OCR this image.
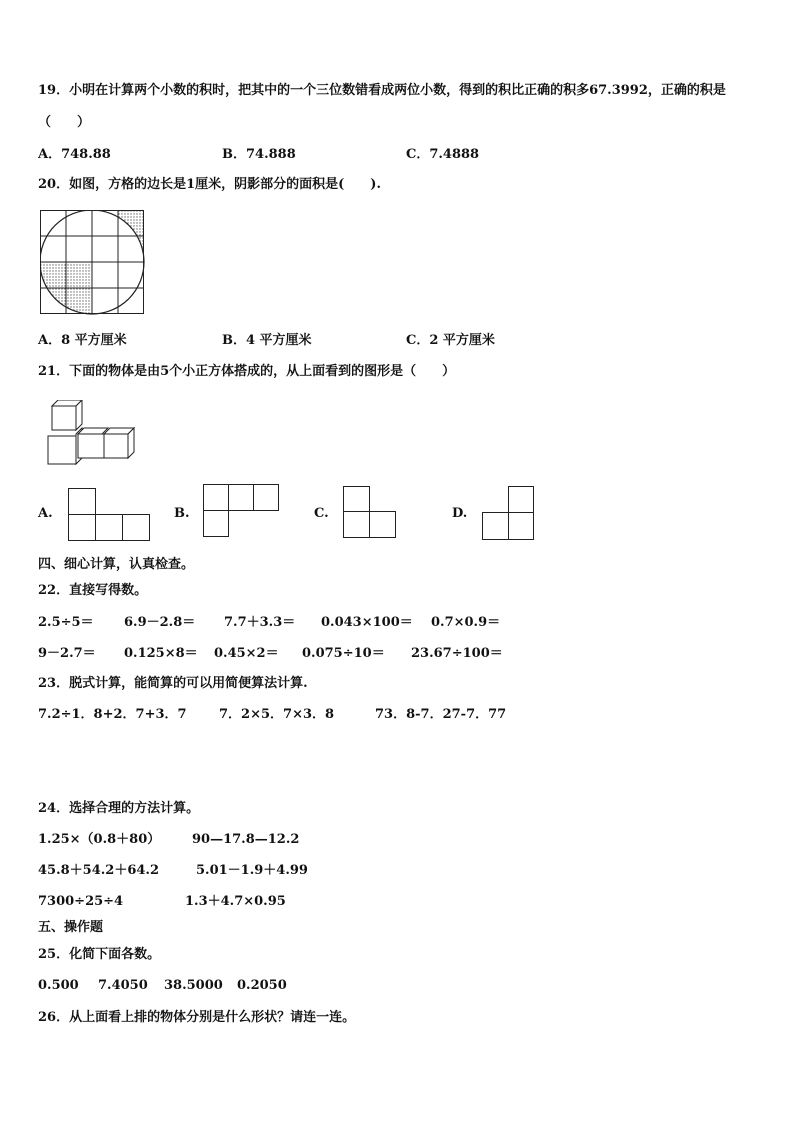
19．小明在计算两个小数的积时，把其中的一个三位数错看成两位小数，得到的积比正确的积多67.3992，正确的积是
（　　）
A．748.88	B．74.888	C．7.4888
20．如图，方格的边长是1厘米，阴影部分的面积是(　　).
A．8 平方厘米	B．4 平方厘米	C．2 平方厘米
21．下面的物体是由5个小正方体搭成的，从上面看到的图形是（　　）
A.	B.	C.	D.
四、细心计算，认真检查。
22．直接写得数。
2.5÷5＝ 6.9－2.8＝ 7.7＋3.3＝ 0.043×100＝ 0.7×0.9＝
9－2.7＝ 0.125×8＝ 0.45×2＝ 0.075÷10＝ 23.67÷100＝
23．脱式计算，能简算的可以用简便算法计算.
7.2÷1．8+2．7+3．7 7．2×5．7×3．8	73．8-7．27-7．77
24．选择合理的方法计算。
1.25×（0.8＋80） 90—17.8—12.2
45.8＋54.2＋64.2	5.01－1.9＋4.99
7300÷25÷4	1.3＋4.7×0.95
五、操作题
25．化简下面各数。
0.500 7.4050 38.5000 0.2050
26．从上面看上排的物体分别是什么形状？请连一连。
